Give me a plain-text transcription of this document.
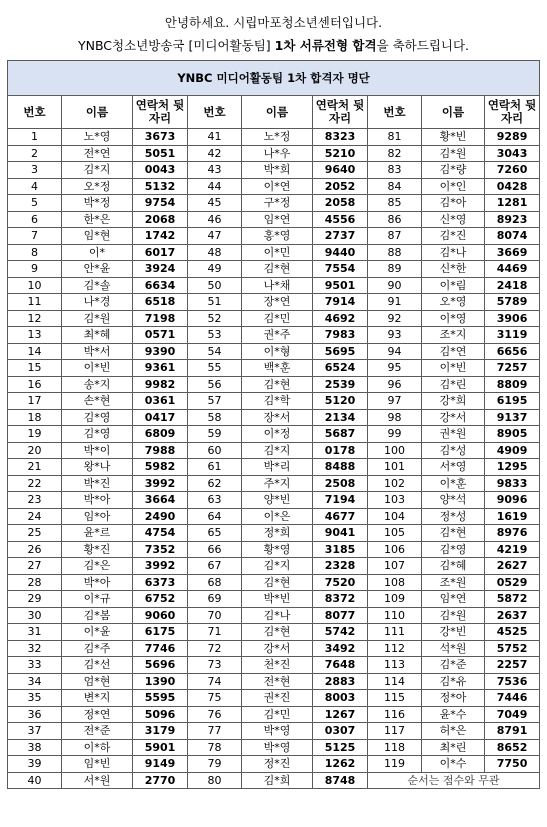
안녕하세요. 시립마포청소년센터입니다.
YNBC청소년방송국 [미디어활동팀] 1차 서류전형 합격을 축하드립니다.
YNBC 미디어활동팀 1차 합격자 명단								
번호	이름	연락처 뒷자리	번호	이름	연락처 뒷자리	번호	이름	연락처 뒷자리
1	노*영	3673	41	노*정	8323	81	황*빈	9289
2	전*연	5051	42	나*우	5210	82	김*원	3043
3	김*지	0043	43	박*희	9640	83	김*량	7260
4	오*정	5132	44	이*연	2052	84	이*인	0428
5	박*정	9754	45	구*정	2058	85	김*아	1281
6	한*은	2068	46	임*연	4556	86	신*영	8923
7	임*현	1742	47	홍*영	2737	87	김*진	8074
8	이*	6017	48	이*민	9440	88	김*나	3669
9	안*윤	3924	49	김*현	7554	89	신*한	4469
10	김*솔	6634	50	나*채	9501	90	이*림	2418
11	나*경	6518	51	장*연	7914	91	오*영	5789
12	김*원	7198	52	김*민	4692	92	이*영	3906
13	최*혜	0571	53	권*주	7983	93	조*지	3119
14	박*서	9390	54	이*형	5695	94	김*연	6656
15	이*빈	9361	55	백*훈	6524	95	이*빈	7257
16	송*지	9982	56	김*현	2539	96	김*린	8809
17	손*현	0361	57	김*학	5120	97	강*희	6195
18	김*영	0417	58	장*서	2134	98	강*서	9137
19	김*영	6809	59	이*정	5687	99	권*원	8905
20	박*이	7988	60	김*지	0178	100	김*성	4909
21	왕*나	5982	61	박*리	8488	101	서*영	1295
22	박*진	3992	62	주*지	2508	102	이*훈	9833
23	박*아	3664	63	양*빈	7194	103	양*석	9096
24	임*아	2490	64	이*은	4677	104	정*성	1619
25	윤*르	4754	65	정*희	9041	105	김*현	8976
26	황*진	7352	66	황*영	3185	106	김*영	4219
27	김*은	3992	67	김*지	2328	107	김*혜	2627
28	박*아	6373	68	김*현	7520	108	조*원	0529
29	이*규	6752	69	박*빈	8372	109	임*연	5872
30	김*봄	9060	70	김*나	8077	110	김*원	2637
31	이*윤	6175	71	김*현	5742	111	강*빈	4525
32	김*주	7746	72	강*서	3492	112	석*원	5752
33	김*선	5696	73	천*진	7648	113	김*준	2257
34	엄*현	1390	74	전*현	2883	114	김*유	7536
35	변*지	5595	75	권*진	8003	115	정*아	7446
36	정*연	5096	76	김*민	1267	116	윤*수	7049
37	전*준	3179	77	박*영	0307	117	허*은	8791
38	이*하	5901	78	박*영	5125	118	최*린	8652
39	임*빈	9149	79	정*진	1262	119	이*수	7750
40	서*원	2770	80	김*희	8748	순서는 점수와 무관		
